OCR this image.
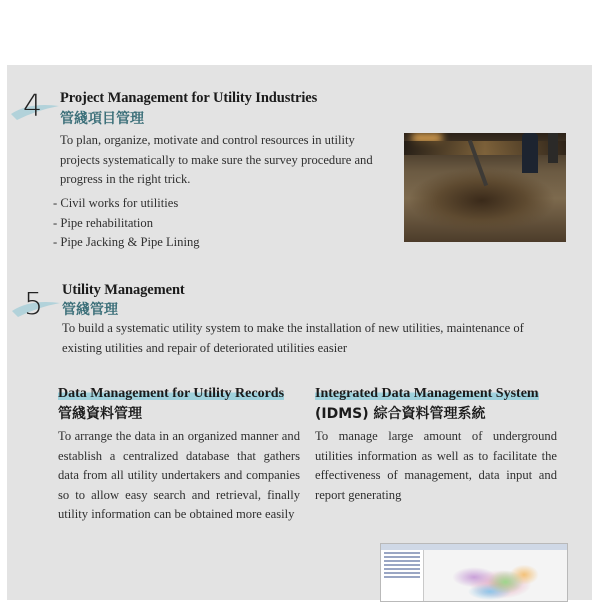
4 Project Management for Utility Industries
管綫項目管理
To plan, organize, motivate and control resources in utility projects systematically to make sure the survey procedure and progress in the right trick.
- Civil works for utilities
- Pipe rehabilitation
- Pipe Jacking & Pipe Lining
5 Utility Management
管綫管理
To build a systematic utility system to make the installation of new utilities, maintenance of existing utilities and repair of deteriorated utilities easier
Data Management for Utility Records
管綫資料管理
To arrange the data in an organized manner and establish a centralized database that gathers data from all utility undertakers and companies so to allow easy search and retrieval, finally utility information can be obtained more easily
Integrated Data Management System
(IDMS) 綜合資料管理系統
To manage large amount of underground utilities information as well as to facilitate the effectiveness of management, data input and report generating
